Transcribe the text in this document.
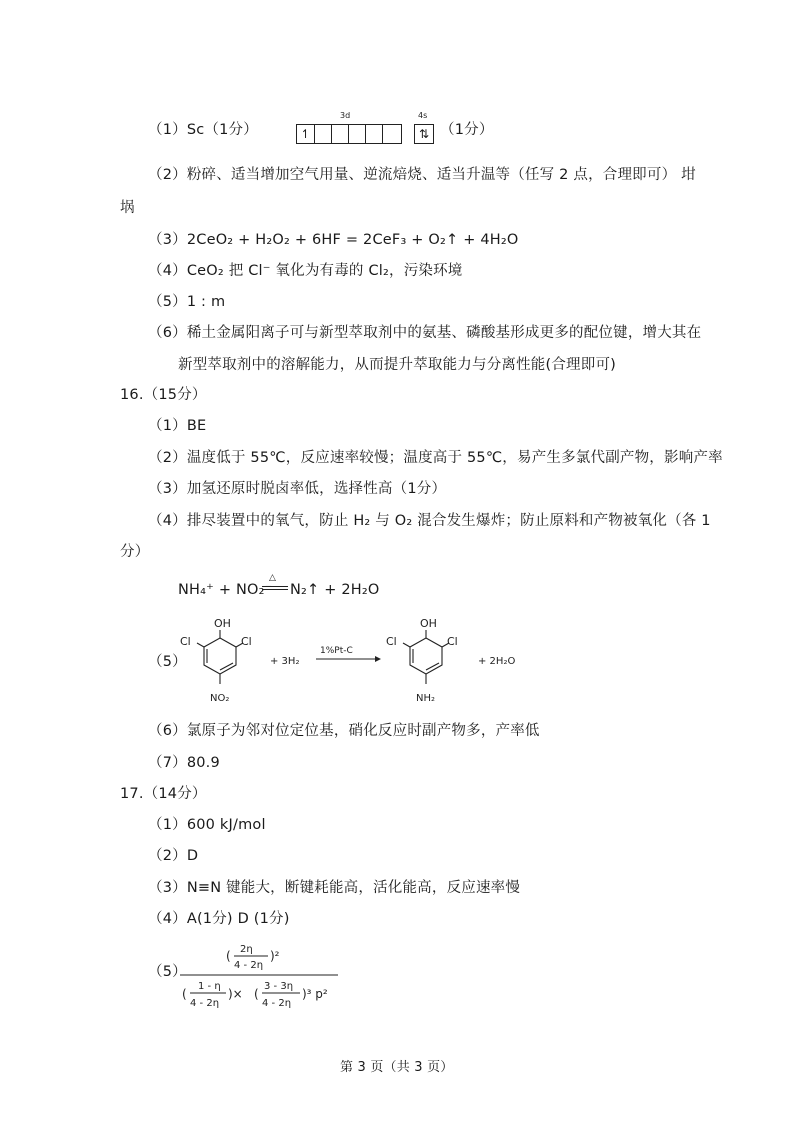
（1）Sc（1分）
3d	4s
↿	⇅ （1分）
（2）粉碎、适当增加空气用量、逆流焙烧、适当升温等（任写 2 点，合理即可） 坩
埚
（3）2CeO₂ + H₂O₂ + 6HF = 2CeF₃ + O₂↑ + 4H₂O
（4）CeO₂ 把 Cl⁻ 氧化为有毒的 Cl₂，污染环境
（5）1 : m
（6）稀土金属阳离子可与新型萃取剂中的氨基、磷酸基形成更多的配位键，增大其在
新型萃取剂中的溶解能力，从而提升萃取能力与分离性能(合理即可)
16.（15分）
（1）BE
（2）温度低于 55℃，反应速率较慢；温度高于 55℃，易产生多氯代副产物，影响产率
（3）加氢还原时脱卤率低，选择性高（1分）
（4）排尽装置中的氧气，防止 H₂ 与 O₂ 混合发生爆炸；防止原料和产物被氧化（各 1
分）
NH₄⁺ + NO₂⁻
△
N₂↑ + 2H₂O
（5）
OH
Cl	Cl
NO₂
+ 3H₂
1%Pt-C
OH
Cl	Cl
NH₂
+ 2H₂O
（6）氯原子为邻对位定位基，硝化反应时副产物多，产率低
（7）80.9
17.（14分）
（1）600 kJ/mol
（2）D
（3）N≡N 键能大，断键耗能高，活化能高，反应速率慢
（4）A(1分) D (1分)
（5）
( 2η
4 - 2η
)²
(
1 - η
4 - 2η
)× (
3 - 3η
4 - 2η
)³ p²
第 3 页（共 3 页）
